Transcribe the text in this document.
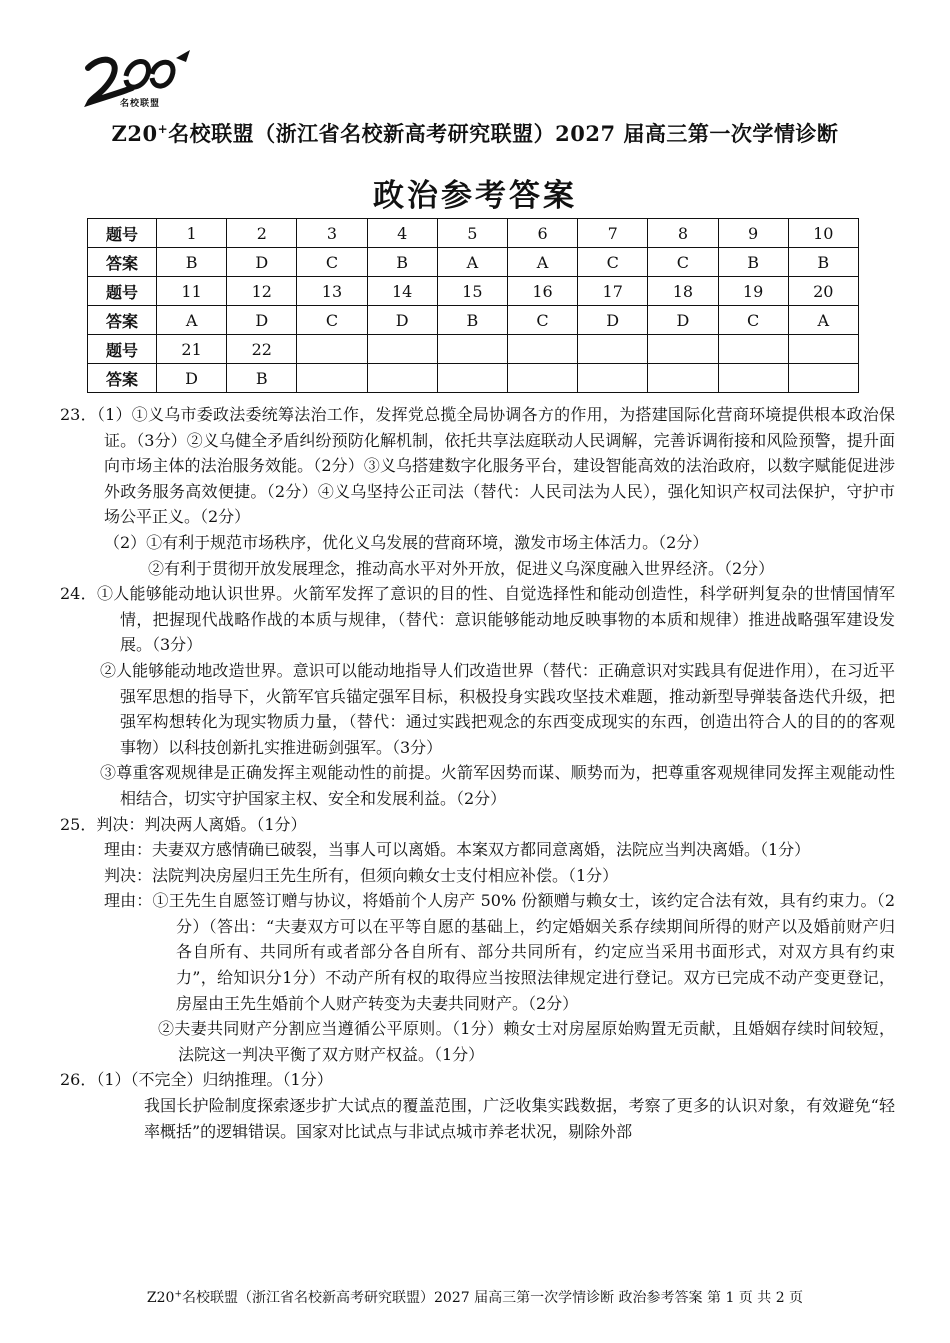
名校联盟
Z20+名校联盟（浙江省名校新高考研究联盟）2027 届高三第一次学情诊断
政治参考答案
题号	1	2	3	4	5	6	7	8	9	10
答案	B	D	C	B	A	A	C	C	B	B
题号	11	12	13	14	15	16	17	18	19	20
答案	A	D	C	D	B	C	D	D	C	A
题号	21	22								
答案	D	B								
23．（1）①义乌市委政法委统筹法治工作，发挥党总揽全局协调各方的作用，为搭建国际化营商环境提供根本政治保证。（3分）②义乌健全矛盾纠纷预防化解机制，依托共享法庭联动人民调解，完善诉调衔接和风险预警，提升面向市场主体的法治服务效能。（2分）③义乌搭建数字化服务平台，建设智能高效的法治政府，以数字赋能促进涉外政务服务高效便捷。（2分）④义乌坚持公正司法（替代：人民司法为人民），强化知识产权司法保护，守护市场公平正义。（2分）
（2）①有利于规范市场秩序，优化义乌发展的营商环境，激发市场主体活力。（2分）
②有利于贯彻开放发展理念，推动高水平对外开放，促进义乌深度融入世界经济。（2分）
24．①人能够能动地认识世界。火箭军发挥了意识的目的性、自觉选择性和能动创造性，科学研判复杂的世情国情军情，把握现代战略作战的本质与规律，（替代：意识能够能动地反映事物的本质和规律）推进战略强军建设发展。（3分）
②人能够能动地改造世界。意识可以能动地指导人们改造世界（替代：正确意识对实践具有促进作用），在习近平强军思想的指导下，火箭军官兵锚定强军目标，积极投身实践攻坚技术难题，推动新型导弹装备迭代升级，把强军构想转化为现实物质力量，（替代：通过实践把观念的东西变成现实的东西，创造出符合人的目的的客观事物）以科技创新扎实推进砺剑强军。（3分）
③尊重客观规律是正确发挥主观能动性的前提。火箭军因势而谋、顺势而为，把尊重客观规律同发挥主观能动性相结合，切实守护国家主权、安全和发展利益。（2分）
25．判决：判决两人离婚。（1分）
理由：夫妻双方感情确已破裂，当事人可以离婚。本案双方都同意离婚，法院应当判决离婚。（1分）
判决：法院判决房屋归王先生所有，但须向赖女士支付相应补偿。（1分）
理由：①王先生自愿签订赠与协议，将婚前个人房产 50% 份额赠与赖女士，该约定合法有效，具有约束力。（2分）（答出：“夫妻双方可以在平等自愿的基础上，约定婚姻关系存续期间所得的财产以及婚前财产归各自所有、共同所有或者部分各自所有、部分共同所有，约定应当采用书面形式，对双方具有约束力”，给知识分1分）不动产所有权的取得应当按照法律规定进行登记。双方已完成不动产变更登记，房屋由王先生婚前个人财产转变为夫妻共同财产。（2分）
②夫妻共同财产分割应当遵循公平原则。（1分）赖女士对房屋原始购置无贡献，且婚姻存续时间较短，法院这一判决平衡了双方财产权益。（1分）
26．（1）（不完全）归纳推理。（1分）
我国长护险制度探索逐步扩大试点的覆盖范围，广泛收集实践数据，考察了更多的认识对象，有效避免“轻率概括”的逻辑错误。国家对比试点与非试点城市养老状况，剔除外部
Z20+名校联盟（浙江省名校新高考研究联盟）2027 届高三第一次学情诊断 政治参考答案 第 1 页 共 2 页
